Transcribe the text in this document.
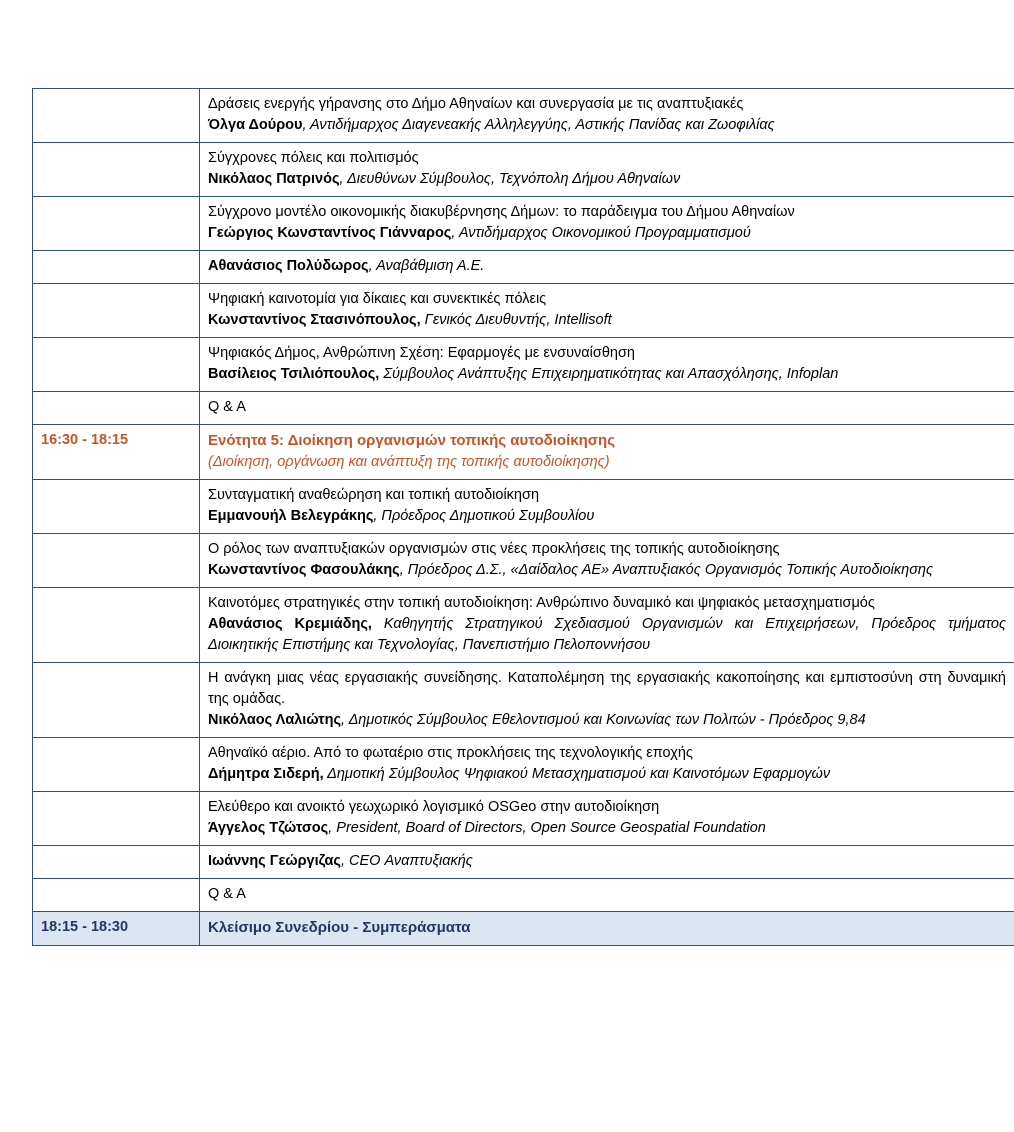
	Δράσεις ενεργής γήρανσης στο Δήμο Αθηναίων και συνεργασία με τις αναπτυξιακές
Όλγα Δούρου, Αντιδήμαρχος Διαγενεακής Αλληλεγγύης, Αστικής Πανίδας και Ζωοφιλίας

	Σύγχρονες πόλεις και πολιτισμός
Νικόλαος Πατρινός, Διευθύνων Σύμβουλος, Τεχνόπολη Δήμου Αθηναίων

	Σύγχρονο μοντέλο οικονομικής διακυβέρνησης Δήμων: το παράδειγμα του Δήμου Αθηναίων
Γεώργιος Κωνσταντίνος Γιάνναρος, Αντιδήμαρχος Οικονομικού Προγραμματισμού

	Αθανάσιος Πολύδωρος, Αναβάθμιση Α.Ε.

	Ψηφιακή καινοτομία για δίκαιες και συνεκτικές πόλεις
Κωνσταντίνος Στασινόπουλος, Γενικός Διευθυντής, Intellisoft

	Ψηφιακός Δήμος, Ανθρώπινη Σχέση: Εφαρμογές με ενσυναίσθηση
Βασίλειος Τσιλιόπουλος, Σύμβουλος Ανάπτυξης Επιχειρηματικότητας και Απασχόλησης, Infoplan

	Q & A

16:30 - 18:15	Ενότητα 5: Διοίκηση οργανισμών τοπικής αυτοδιοίκησης
(Διοίκηση, οργάνωση και ανάπτυξη της τοπικής αυτοδιοίκησης)

	Συνταγματική αναθεώρηση και τοπική αυτοδιοίκηση
Εμμανουήλ Βελεγράκης, Πρόεδρος Δημοτικού Συμβουλίου

	Ο ρόλος των αναπτυξιακών οργανισμών στις νέες προκλήσεις της τοπικής αυτοδιοίκησης
Κωνσταντίνος Φασουλάκης, Πρόεδρος Δ.Σ., «Δαίδαλος ΑΕ» Αναπτυξιακός Οργανισμός Τοπικής Αυτοδιοίκησης

	Καινοτόμες στρατηγικές στην τοπική αυτοδιοίκηση: Ανθρώπινο δυναμικό και ψηφιακός μετασχηματισμός
Αθανάσιος Κρεμιάδης, Καθηγητής Στρατηγικού Σχεδιασμού Οργανισμών και Επιχειρήσεων, Πρόεδρος τμήματος Διοικητικής Επιστήμης και Τεχνολογίας, Πανεπιστήμιο Πελοποννήσου

	Η ανάγκη μιας νέας εργασιακής συνείδησης. Καταπολέμηση της εργασιακής κακοποίησης και εμπιστοσύνη στη δυναμική της ομάδας.
Νικόλαος Λαλιώτης, Δημοτικός Σύμβουλος Εθελοντισμού και Κοινωνίας των Πολιτών - Πρόεδρος 9,84

	Αθηναϊκό αέριο. Από το φωταέριο στις προκλήσεις της τεχνολογικής εποχής
Δήμητρα Σιδερή, Δημοτική Σύμβουλος Ψηφιακού Μετασχηματισμού και Καινοτόμων Εφαρμογών

	Ελεύθερο και ανοικτό γεωχωρικό λογισμικό OSGeo στην αυτοδιοίκηση
Άγγελος Τζώτσος, President, Board of Directors, Open Source Geospatial Foundation

	Ιωάννης Γεώργιζας, CEO Αναπτυξιακής

	Q & A

18:15 - 18:30	Κλείσιμο Συνεδρίου - Συμπεράσματα
